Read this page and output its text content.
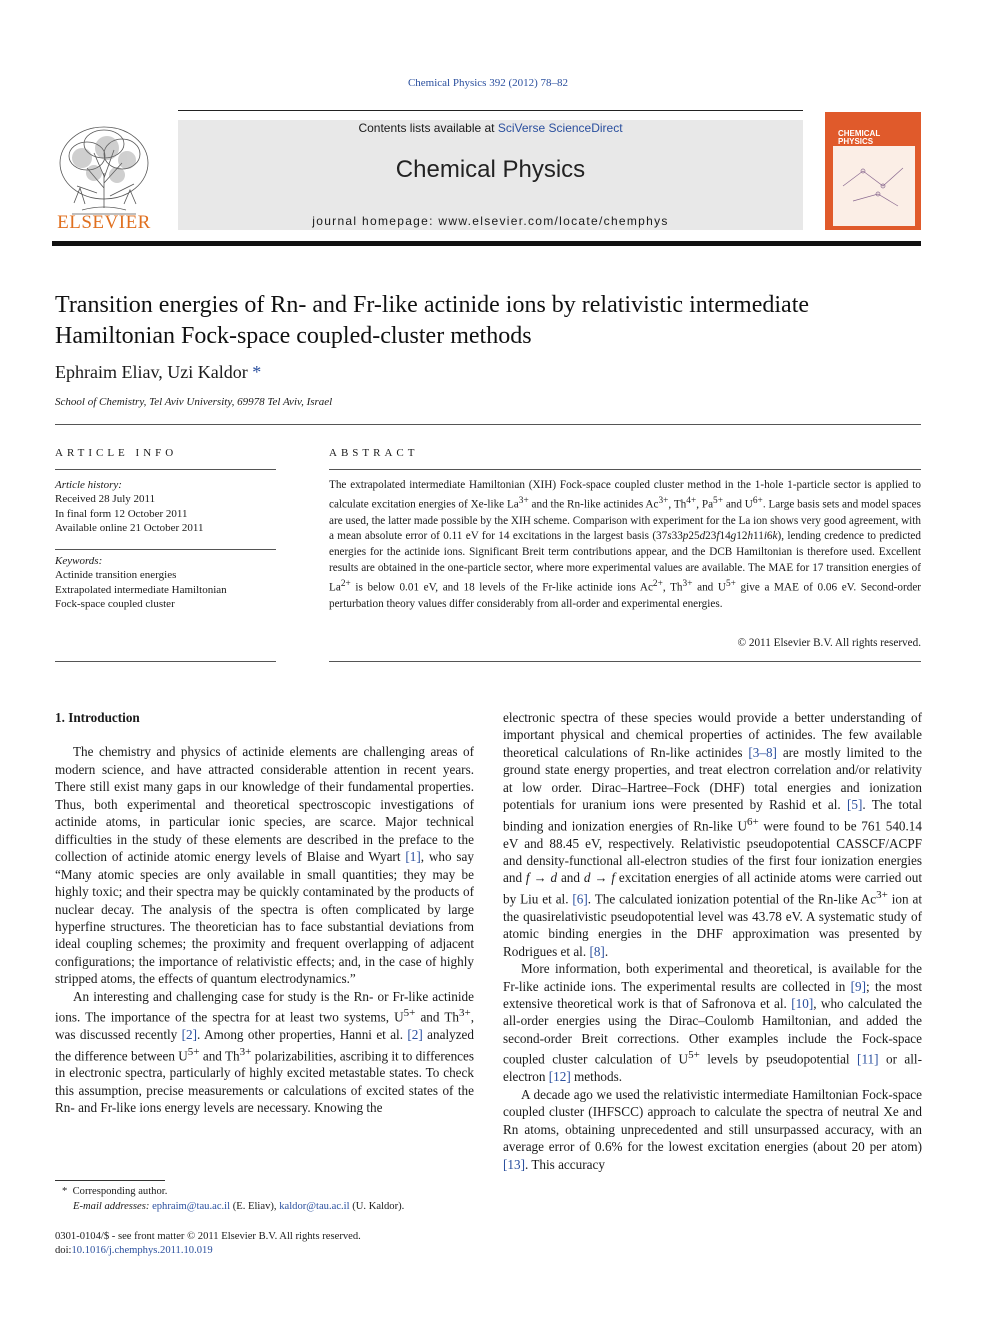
Chemical Physics 392 (2012) 78–82
ELSEVIER
Contents lists available at SciVerse ScienceDirect
Chemical Physics
journal homepage: www.elsevier.com/locate/chemphys
CHEMICAL
PHYSICS
Transition energies of Rn- and Fr-like actinide ions by relativistic intermediate Hamiltonian Fock-space coupled-cluster methods
Ephraim Eliav, Uzi Kaldor *
School of Chemistry, Tel Aviv University, 69978 Tel Aviv, Israel
ARTICLE INFO
Article history:
Received 28 July 2011
In final form 12 October 2011
Available online 21 October 2011
Keywords:
Actinide transition energies
Extrapolated intermediate Hamiltonian
Fock-space coupled cluster
ABSTRACT
The extrapolated intermediate Hamiltonian (XIH) Fock-space coupled cluster method in the 1-hole 1-particle sector is applied to calculate excitation energies of Xe-like $La^{3+}$ and the Rn-like actinides $Ac^{3+}$, $Th^{4+}$, $Pa^{5+}$ and $U^{6+}$. Large basis sets and model spaces are used, the latter made possible by the XIH scheme. Comparison with experiment for the La ion shows very good agreement, with a mean absolute error of 0.11 eV for 14 excitations in the largest basis (37s33p25d23f14g12h11i6k), lending credence to predicted energies for the actinide ions. Significant Breit term contributions appear, and the DCB Hamiltonian is therefore used. Excellent results are obtained in the one-particle sector, where more experimental values are available. The MAE for 17 transition energies of $La^{2+}$ is below 0.01 eV, and 18 levels of the Fr-like actinide ions $Ac^{2+}$, $Th^{3+}$ and $U^{5+}$ give a MAE of 0.06 eV. Second-order perturbation theory values differ considerably from all-order and experimental energies.
© 2011 Elsevier B.V. All rights reserved.

1. Introduction

The chemistry and physics of actinide elements are challenging areas of modern science, and have attracted considerable attention in recent years. There still exist many gaps in our knowledge of their fundamental properties. Thus, both experimental and theoretical spectroscopic investigations of actinide atoms, in particular ionic species, are scarce. Major technical difficulties in the study of these elements are described in the preface to the collection of actinide atomic energy levels of Blaise and Wyart [1], who say “Many atomic species are only available in small quantities; they may be highly toxic; and their spectra may be quickly contaminated by the products of nuclear decay. The analysis of the spectra is often complicated by large hyperfine structures. The theoretician has to face substantial deviations from ideal coupling schemes; the proximity and frequent overlapping of adjacent configurations; the importance of relativistic effects; and, in the case of highly stripped atoms, the effects of quantum electrodynamics.”

An interesting and challenging case for study is the Rn- or Fr-like actinide ions. The importance of the spectra for at least two systems, $U^{5+}$ and $Th^{3+}$, was discussed recently [2]. Among other properties, Hanni et al. [2] analyzed the difference between $U^{5+}$ and $Th^{3+}$ polarizabilities, ascribing it to differences in electronic spectra, particularly of highly excited metastable states. To check this assumption, precise measurements or calculations of excited states of the Rn- and Fr-like ions energy levels are necessary. Knowing the

electronic spectra of these species would provide a better understanding of important physical and chemical properties of actinides. The few available theoretical calculations of Rn-like actinides [3–8] are mostly limited to the ground state energy properties, and treat electron correlation and/or relativity at low order. Dirac–Hartree–Fock (DHF) total energies and ionization potentials for uranium ions were presented by Rashid et al. [5]. The total binding and ionization energies of Rn-like $U^{6+}$ were found to be 761 540.14 eV and 88.45 eV, respectively. Relativistic pseudopotential CASSCF/ACPF and density-functional all-electron studies of the first four ionization energies and f → d and d → f excitation energies of all actinide atoms were carried out by Liu et al. [6]. The calculated ionization potential of the Rn-like $Ac^{3+}$ ion at the quasirelativistic pseudopotential level was 43.78 eV. A systematic study of atomic binding energies in the DHF approximation was presented by Rodrigues et al. [8].

More information, both experimental and theoretical, is available for the Fr-like actinide ions. The experimental results are collected in [9]; the most extensive theoretical work is that of Safronova et al. [10], who calculated the all-order energies using the Dirac–Coulomb Hamiltonian, and added the second-order Breit corrections. Other examples include the Fock-space coupled cluster calculation of $U^{5+}$ levels by pseudopotential [11] or all-electron [12] methods.

A decade ago we used the relativistic intermediate Hamiltonian Fock-space coupled cluster (IHFSCC) approach to calculate the spectra of neutral Xe and Rn atoms, obtaining unprecedented and still unsurpassed accuracy, with an average error of 0.6% for the lowest excitation energies (about 20 per atom) [13]. This accuracy

* Corresponding author.
E-mail addresses: ephraim@tau.ac.il (E. Eliav), kaldor@tau.ac.il (U. Kaldor).
0301-0104/$ - see front matter © 2011 Elsevier B.V. All rights reserved.
doi:10.1016/j.chemphys.2011.10.019
